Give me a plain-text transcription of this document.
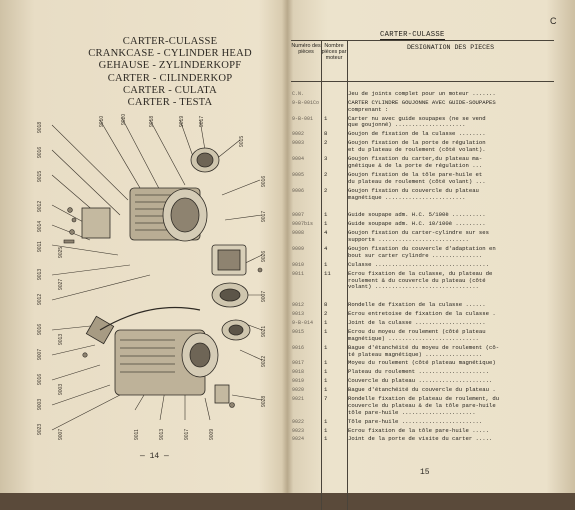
CARTER-CULASSE
CRANKCASE - CYLINDER HEAD
GEHAUSE - ZYLINDERKOPF
CARTER - CILINDERKOP
CARTER - CULATA
CARTER - TESTA
9018
9016
9015
9012
9014
9011
9013
9012
9016
9007
9016
9003
9023
9025
9027
9013
9003
9007
9010	9020	9018	9019	9017
9015
9016
9017
9026
9007
9021
9022
9028
9011	9013	9017	9009
— 14 —
C
CARTER-CULASSE
Numéro des pièces
Nombre pièces par moteur
DESIGNATION DES PIECES
C.N.	Jeu de joints complet pour un moteur .......
9-B-001Co	CARTER CYLINDRE GOUJONNE AVEC GUIDE-SOUPAPES
comprenant :
9-B-001	1	Carter nu avec guide soupapes (ne se vend
que goujonné) .....................
9002	8	Goujon de fixation de la culasse ........
9003	2	Goujon fixation de la porte de régulation
et du plateau de roulement (côté volant).
9004	3	Goujon fixation du carter,du plateau ma-
gnétique & de la porte de régulation ...
9005	2	Goujon fixation de la tôle pare-huile et
du plateau de roulement (côté volant) ...
9006	2	Goujon fixation du couvercle du plateau
magnétique ........................
9007	1	Guide soupape adm. H.C. 5/100è ..........
9007bis	1	Guide soupape adm. H.C. 10/100è .........
9008	4	Goujon fixation du carter-cylindre sur ses
supports ...........................
9009	4	Goujon fixation du couvercle d'adaptation en
bout sur carter cylindre ...............
9010	1	Culasse ..................................
9011	11	Ecrou fixation de la culasse, du plateau de
roulement & du couvercle du plateau (côté
volant) ...............................
9012	8	Rondelle de fixation de la culasse ......
9013	2	Ecrou entretoise de fixation de la culasse .
9-B-014	1	Joint de la culasse .....................
9015	1	Ecrou du moyeu de roulement (côté plateau
magnétique) ...........................
9016	1	Bague d'étanchéité du moyeu de roulement (cô-
té plateau magnétique) .................
9017	1	Moyeu du roulement (côté plateau magnétique)
9018	1	Plateau du roulement .....................
9019	1	Couvercle du plateau ......................
9020	1	Bague d'étanchéité du couvercle du plateau .
9021	7	Rondelle fixation de plateau de roulement, du
couvercle du plateau & de la tôle pare-huile
tôle pare-huile ......................
9022	1	Tôle pare-huile ........................
9023	1	Ecrou fixation de la tôle pare-huile .....
9024	1	Joint de la porte de visite du carter .....
15
